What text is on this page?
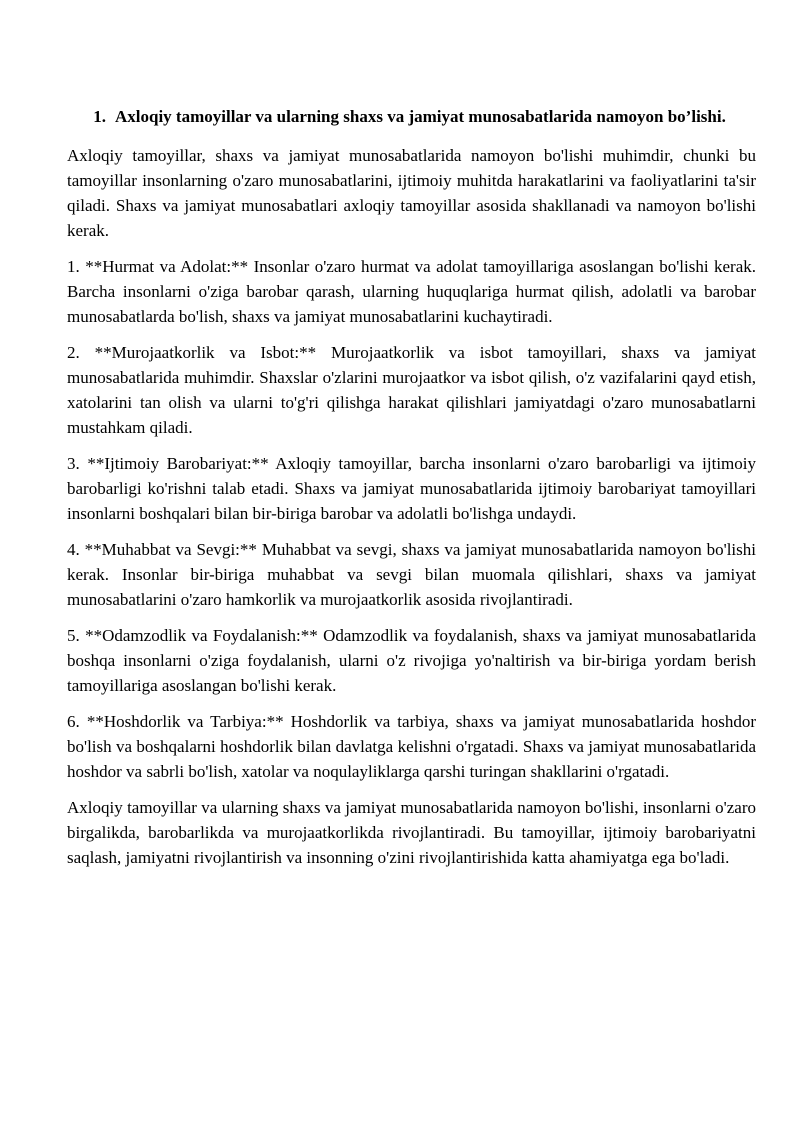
1. Axloqiy tamoyillar va ularning shaxs va jamiyat munosabatlarida namoyon bo’lishi.

Axloqiy tamoyillar, shaxs va jamiyat munosabatlarida namoyon bo'lishi muhimdir, chunki bu tamoyillar insonlarning o'zaro munosabatlarini, ijtimoiy muhitda harakatlarini va faoliyatlarini ta'sir qiladi. Shaxs va jamiyat munosabatlari axloqiy tamoyillar asosida shakllanadi va namoyon bo'lishi kerak.

1. **Hurmat va Adolat:** Insonlar o'zaro hurmat va adolat tamoyillariga asoslangan bo'lishi kerak. Barcha insonlarni o'ziga barobar qarash, ularning huquqlariga hurmat qilish, adolatli va barobar munosabatlarda bo'lish, shaxs va jamiyat munosabatlarini kuchaytiradi.

2. **Murojaatkorlik va Isbot:** Murojaatkorlik va isbot tamoyillari, shaxs va jamiyat munosabatlarida muhimdir. Shaxslar o'zlarini murojaatkor va isbot qilish, o'z vazifalarini qayd etish, xatolarini tan olish va ularni to'g'ri qilishga harakat qilishlari jamiyatdagi o'zaro munosabatlarni mustahkam qiladi.

3. **Ijtimoiy Barobariyat:** Axloqiy tamoyillar, barcha insonlarni o'zaro barobarligi va ijtimoiy barobarligi ko'rishni talab etadi. Shaxs va jamiyat munosabatlarida ijtimoiy barobariyat tamoyillari insonlarni boshqalari bilan bir-biriga barobar va adolatli bo'lishga undaydi.

4. **Muhabbat va Sevgi:** Muhabbat va sevgi, shaxs va jamiyat munosabatlarida namoyon bo'lishi kerak. Insonlar bir-biriga muhabbat va sevgi bilan muomala qilishlari, shaxs va jamiyat munosabatlarini o'zaro hamkorlik va murojaatkorlik asosida rivojlantiradi.

5. **Odamzodlik va Foydalanish:** Odamzodlik va foydalanish, shaxs va jamiyat munosabatlarida boshqa insonlarni o'ziga foydalanish, ularni o'z rivojiga yo'naltirish va bir-biriga yordam berish tamoyillariga asoslangan bo'lishi kerak.

6. **Hoshdorlik va Tarbiya:** Hoshdorlik va tarbiya, shaxs va jamiyat munosabatlarida hoshdor bo'lish va boshqalarni hoshdorlik bilan davlatga kelishni o'rgatadi. Shaxs va jamiyat munosabatlarida hoshdor va sabrli bo'lish, xatolar va noqulayliklarga qarshi turingan shakllarini o'rgatadi.

Axloqiy tamoyillar va ularning shaxs va jamiyat munosabatlarida namoyon bo'lishi, insonlarni o'zaro birgalikda, barobarlikda va murojaatkorlikda rivojlantiradi. Bu tamoyillar, ijtimoiy barobariyatni saqlash, jamiyatni rivojlantirish va insonning o'zini rivojlantirishida katta ahamiyatga ega bo'ladi.
